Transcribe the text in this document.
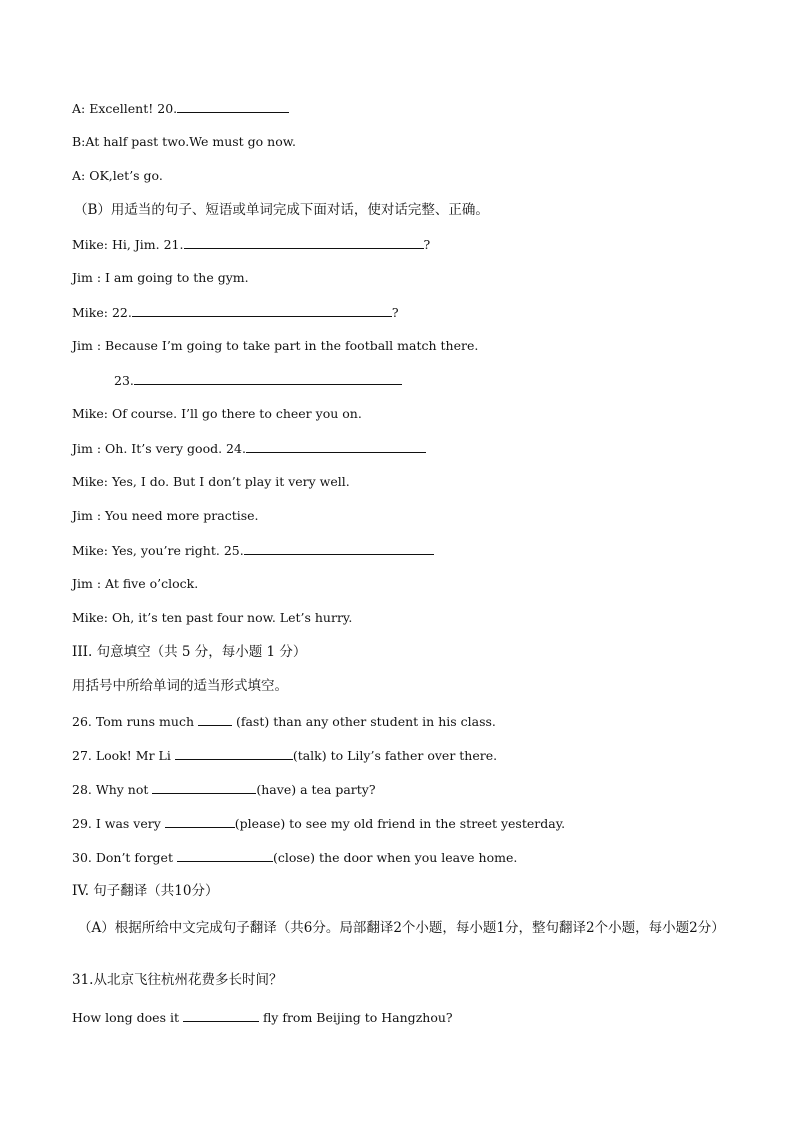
A: Excellent! 20.
B:At half past two.We must go now.
A: OK,let’s go.
（B）用适当的句子、短语或单词完成下面对话，使对话完整、正确。
Mike: Hi, Jim. 21.	?
Jim : I am going to the gym.
Mike: 22.	?
Jim : Because I’m going to take part in the football match there.
23.
Mike: Of course. I’ll go there to cheer you on.
Jim : Oh. It’s very good. 24.
Mike: Yes, I do. But I don’t play it very well.
Jim : You need more practise.
Mike: Yes, you’re right. 25.
Jim : At five o’clock.
Mike: Oh, it’s ten past four now. Let’s hurry.
III. 句意填空（共 5 分，每小题 1 分）
用括号中所给单词的适当形式填空。
26. Tom runs much	(fast) than any other student in his class.
27. Look! Mr Li	(talk) to Lily’s father over there.
28. Why not	(have) a tea party?
29. I was very	(please) to see my old friend in the street yesterday.
30. Don’t forget	(close) the door when you leave home.
IV. 句子翻译（共10分）
（A）根据所给中文完成句子翻译（共6分。局部翻译2个小题，每小题1分，整句翻译2个小题，每小题2分）
31.从北京飞往杭州花费多长时间？
How long does it	fly from Beijing to Hangzhou?
